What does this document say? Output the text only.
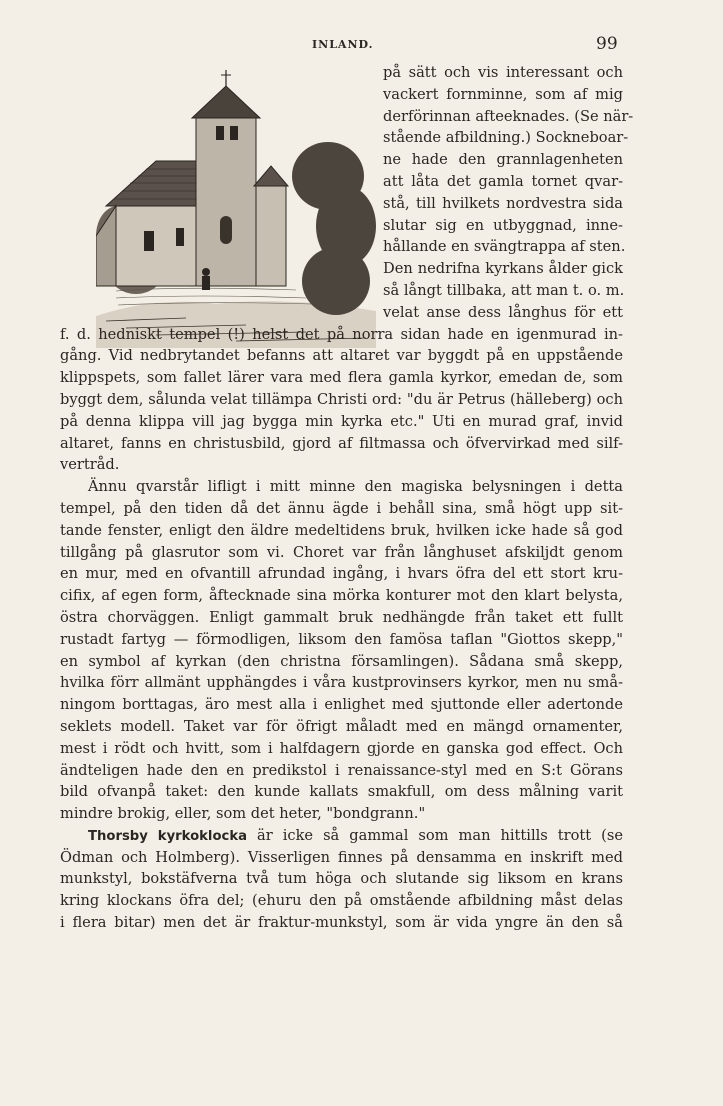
INLAND.	99
på sätt och vis interessant och
vackert fornminne, som af mig
derförinnan afteeknades. (Se när-
stående afbildning.) Sockneboar-
ne hade den grannlagenheten
att låta det gamla tornet qvar-
stå, till hvilkets nordvestra sida
slutar sig en utbyggnad, inne-
hållande en svängtrappa af sten.
Den nedrifna kyrkans ålder gick
så långt tillbaka, att man t. o. m.
velat anse dess långhus för ett
f. d. hedniskt tempel (!) helst det på norra sidan hade en igenmurad in-
gång. Vid nedbrytandet befanns att altaret var byggdt på en uppstående
klippspets, som fallet lärer vara med flera gamla kyrkor, emedan de, som
byggt dem, sålunda velat tillämpa Christi ord: "du är Petrus (hälleberg) och
på denna klippa vill jag bygga min kyrka etc." Uti en murad graf, invid
altaret, fanns en christusbild, gjord af filtmassa och öfvervirkad med silf-
vertråd.
Ännu qvarstår lifligt i mitt minne den magiska belysningen i detta
tempel, på den tiden då det ännu ägde i behåll sina, små högt upp sit-
tande fenster, enligt den äldre medeltidens bruk, hvilken icke hade så god
tillgång på glasrutor som vi. Choret var från långhuset afskiljdt genom
en mur, med en ofvantill afrundad ingång, i hvars öfra del ett stort kru-
cifix, af egen form, åftecknade sina mörka konturer mot den klart belysta,
östra chorväggen. Enligt gammalt bruk nedhängde från taket ett fullt
rustadt fartyg — förmodligen, liksom den famösa taflan "Giottos skepp,"
en symbol af kyrkan (den christna församlingen). Sådana små skepp,
hvilka förr allmänt upphängdes i våra kustprovinsers kyrkor, men nu små-
ningom borttagas, äro mest alla i enlighet med sjuttonde eller adertonde
seklets modell. Taket var för öfrigt måladt med en mängd ornamenter,
mest i rödt och hvitt, som i halfdagern gjorde en ganska god effect. Och
ändteligen hade den en predikstol i renaissance-styl med en S:t Görans
bild ofvanpå taket: den kunde kallats smakfull, om dess målning varit
mindre brokig, eller, som det heter, "bondgrann."
Thorsby kyrkoklocka är icke så gammal som man hittills trott (se
Ödman och Holmberg). Visserligen finnes på densamma en inskrift med
munkstyl, bokstäfverna två tum höga och slutande sig liksom en krans
kring klockans öfra del; (ehuru den på omstående afbildning måst delas
i flera bitar) men det är fraktur-munkstyl, som är vida yngre än den så
